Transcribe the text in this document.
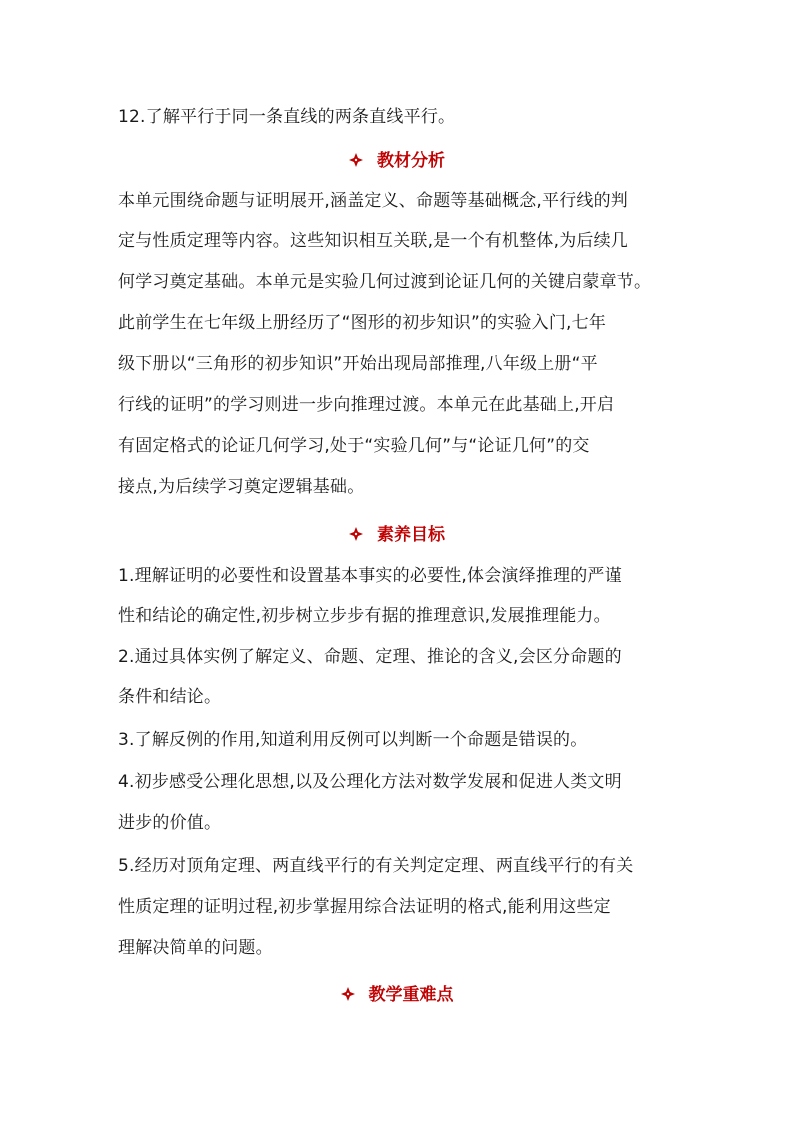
12.了解平行于同一条直线的两条直线平行。
教材分析
本单元围绕命题与证明展开,涵盖定义、命题等基础概念,平行线的判
定与性质定理等内容。这些知识相互关联,是一个有机整体,为后续几
何学习奠定基础。本单元是实验几何过渡到论证几何的关键启蒙章节。
此前学生在七年级上册经历了“图形的初步知识”的实验入门,七年
级下册以“三角形的初步知识”开始出现局部推理,八年级上册“平
行线的证明”的学习则进一步向推理过渡。本单元在此基础上,开启
有固定格式的论证几何学习,处于“实验几何”与“论证几何”的交
接点,为后续学习奠定逻辑基础。
素养目标
1.理解证明的必要性和设置基本事实的必要性,体会演绎推理的严谨
性和结论的确定性,初步树立步步有据的推理意识,发展推理能力。
2.通过具体实例了解定义、命题、定理、推论的含义,会区分命题的
条件和结论。
3.了解反例的作用,知道利用反例可以判断一个命题是错误的。
4.初步感受公理化思想,以及公理化方法对数学发展和促进人类文明
进步的价值。
5.经历对顶角定理、两直线平行的有关判定定理、两直线平行的有关
性质定理的证明过程,初步掌握用综合法证明的格式,能利用这些定
理解决简单的问题。
教学重难点
